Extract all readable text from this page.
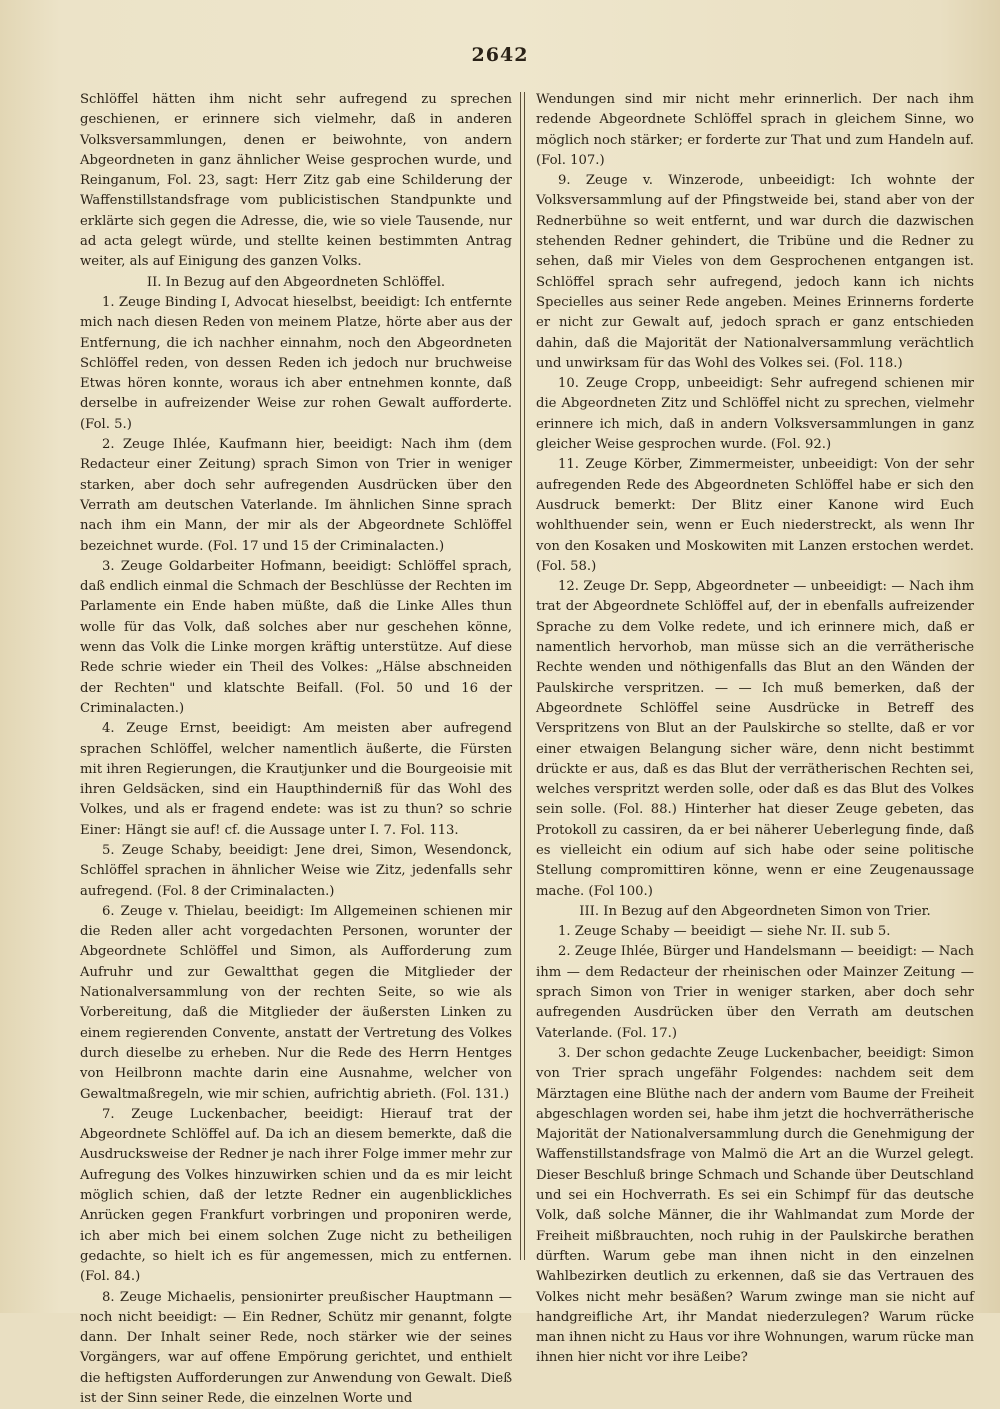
2642

Schlöffel hätten ihm nicht sehr aufregend zu sprechen geschienen, er erinnere sich vielmehr, daß in anderen Volksversammlungen, denen er beiwohnte, von andern Abgeordneten in ganz ähnlicher Weise gesprochen wurde, und Reinganum, Fol. 23, sagt: Herr Zitz gab eine Schilderung der Waffenstillstandsfrage vom publicistischen Standpunkte und erklärte sich gegen die Adresse, die, wie so viele Tausende, nur ad acta gelegt würde, und stellte keinen bestimmten Antrag weiter, als auf Einigung des ganzen Volks.

II. In Bezug auf den Abgeordneten Schlöffel.

1. Zeuge Binding I, Advocat hieselbst, beeidigt: Ich entfernte mich nach diesen Reden von meinem Platze, hörte aber aus der Entfernung, die ich nachher einnahm, noch den Abgeordneten Schlöffel reden, von dessen Reden ich jedoch nur bruchweise Etwas hören konnte, woraus ich aber entnehmen konnte, daß derselbe in aufreizender Weise zur rohen Gewalt aufforderte. (Fol. 5.)

2. Zeuge Ihlée, Kaufmann hier, beeidigt: Nach ihm (dem Redacteur einer Zeitung) sprach Simon von Trier in weniger starken, aber doch sehr aufregenden Ausdrücken über den Verrath am deutschen Vaterlande. Im ähnlichen Sinne sprach nach ihm ein Mann, der mir als der Abgeordnete Schlöffel bezeichnet wurde. (Fol. 17 und 15 der Criminalacten.)

3. Zeuge Goldarbeiter Hofmann, beeidigt: Schlöffel sprach, daß endlich einmal die Schmach der Beschlüsse der Rechten im Parlamente ein Ende haben müßte, daß die Linke Alles thun wolle für das Volk, daß solches aber nur geschehen könne, wenn das Volk die Linke morgen kräftig unterstütze. Auf diese Rede schrie wieder ein Theil des Volkes: „Hälse abschneiden der Rechten" und klatschte Beifall. (Fol. 50 und 16 der Criminalacten.)

4. Zeuge Ernst, beeidigt: Am meisten aber aufregend sprachen Schlöffel, welcher namentlich äußerte, die Fürsten mit ihren Regierungen, die Krautjunker und die Bourgeoisie mit ihren Geldsäcken, sind ein Haupthinderniß für das Wohl des Volkes, und als er fragend endete: was ist zu thun? so schrie Einer: Hängt sie auf! cf. die Aussage unter I. 7. Fol. 113.

5. Zeuge Schaby, beeidigt: Jene drei, Simon, Wesendonck, Schlöffel sprachen in ähnlicher Weise wie Zitz, jedenfalls sehr aufregend. (Fol. 8 der Criminalacten.)

6. Zeuge v. Thielau, beeidigt: Im Allgemeinen schienen mir die Reden aller acht vorgedachten Personen, worunter der Abgeordnete Schlöffel und Simon, als Aufforderung zum Aufruhr und zur Gewaltthat gegen die Mitglieder der Nationalversammlung von der rechten Seite, so wie als Vorbereitung, daß die Mitglieder der äußersten Linken zu einem regierenden Convente, anstatt der Vertretung des Volkes durch dieselbe zu erheben. Nur die Rede des Herrn Hentges von Heilbronn machte darin eine Ausnahme, welcher von Gewaltmaßregeln, wie mir schien, aufrichtig abrieth. (Fol. 131.)

7. Zeuge Luckenbacher, beeidigt: Hierauf trat der Abgeordnete Schlöffel auf. Da ich an diesem bemerkte, daß die Ausdrucksweise der Redner je nach ihrer Folge immer mehr zur Aufregung des Volkes hinzuwirken schien und da es mir leicht möglich schien, daß der letzte Redner ein augenblickliches Anrücken gegen Frankfurt vorbringen und proponiren werde, ich aber mich bei einem solchen Zuge nicht zu betheiligen gedachte, so hielt ich es für angemessen, mich zu entfernen. (Fol. 84.)

8. Zeuge Michaelis, pensionirter preußischer Hauptmann — noch nicht beeidigt: — Ein Redner, Schütz mir genannt, folgte dann. Der Inhalt seiner Rede, noch stärker wie der seines Vorgängers, war auf offene Empörung gerichtet, und enthielt die heftigsten Aufforderungen zur Anwendung von Gewalt. Dieß ist der Sinn seiner Rede, die einzelnen Worte und

Wendungen sind mir nicht mehr erinnerlich. Der nach ihm redende Abgeordnete Schlöffel sprach in gleichem Sinne, wo möglich noch stärker; er forderte zur That und zum Handeln auf. (Fol. 107.)

9. Zeuge v. Winzerode, unbeeidigt: Ich wohnte der Volksversammlung auf der Pfingstweide bei, stand aber von der Rednerbühne so weit entfernt, und war durch die dazwischen stehenden Redner gehindert, die Tribüne und die Redner zu sehen, daß mir Vieles von dem Gesprochenen entgangen ist. Schlöffel sprach sehr aufregend, jedoch kann ich nichts Specielles aus seiner Rede angeben. Meines Erinnerns forderte er nicht zur Gewalt auf, jedoch sprach er ganz entschieden dahin, daß die Majorität der Nationalversammlung verächtlich und unwirksam für das Wohl des Volkes sei. (Fol. 118.)

10. Zeuge Cropp, unbeeidigt: Sehr aufregend schienen mir die Abgeordneten Zitz und Schlöffel nicht zu sprechen, vielmehr erinnere ich mich, daß in andern Volksversammlungen in ganz gleicher Weise gesprochen wurde. (Fol. 92.)

11. Zeuge Körber, Zimmermeister, unbeeidigt: Von der sehr aufregenden Rede des Abgeordneten Schlöffel habe er sich den Ausdruck bemerkt: Der Blitz einer Kanone wird Euch wohlthuender sein, wenn er Euch niederstreckt, als wenn Ihr von den Kosaken und Moskowiten mit Lanzen erstochen werdet. (Fol. 58.)

12. Zeuge Dr. Sepp, Abgeordneter — unbeeidigt: — Nach ihm trat der Abgeordnete Schlöffel auf, der in ebenfalls aufreizender Sprache zu dem Volke redete, und ich erinnere mich, daß er namentlich hervorhob, man müsse sich an die verrätherische Rechte wenden und nöthigenfalls das Blut an den Wänden der Paulskirche verspritzen. — — Ich muß bemerken, daß der Abgeordnete Schlöffel seine Ausdrücke in Betreff des Verspritzens von Blut an der Paulskirche so stellte, daß er vor einer etwaigen Belangung sicher wäre, denn nicht bestimmt drückte er aus, daß es das Blut der verrätherischen Rechten sei, welches verspritzt werden solle, oder daß es das Blut des Volkes sein solle. (Fol. 88.) Hinterher hat dieser Zeuge gebeten, das Protokoll zu cassiren, da er bei näherer Ueberlegung finde, daß es vielleicht ein odium auf sich habe oder seine politische Stellung compromittiren könne, wenn er eine Zeugenaussage mache. (Fol 100.)

III. In Bezug auf den Abgeordneten Simon von Trier.

1. Zeuge Schaby — beeidigt — siehe Nr. II. sub 5.

2. Zeuge Ihlée, Bürger und Handelsmann — beeidigt: — Nach ihm — dem Redacteur der rheinischen oder Mainzer Zeitung — sprach Simon von Trier in weniger starken, aber doch sehr aufregenden Ausdrücken über den Verrath am deutschen Vaterlande. (Fol. 17.)

3. Der schon gedachte Zeuge Luckenbacher, beeidigt: Simon von Trier sprach ungefähr Folgendes: nachdem seit dem Märztagen eine Blüthe nach der andern vom Baume der Freiheit abgeschlagen worden sei, habe ihm jetzt die hochverrätherische Majorität der Nationalversammlung durch die Genehmigung der Waffenstillstandsfrage von Malmö die Art an die Wurzel gelegt. Dieser Beschluß bringe Schmach und Schande über Deutschland und sei ein Hochverrath. Es sei ein Schimpf für das deutsche Volk, daß solche Männer, die ihr Wahlmandat zum Morde der Freiheit mißbrauchten, noch ruhig in der Paulskirche berathen dürften. Warum gebe man ihnen nicht in den einzelnen Wahlbezirken deutlich zu erkennen, daß sie das Vertrauen des Volkes nicht mehr besäßen? Warum zwinge man sie nicht auf handgreifliche Art, ihr Mandat niederzulegen? Warum rücke man ihnen nicht zu Haus vor ihre Wohnungen, warum rücke man ihnen hier nicht vor ihre Leibe?
